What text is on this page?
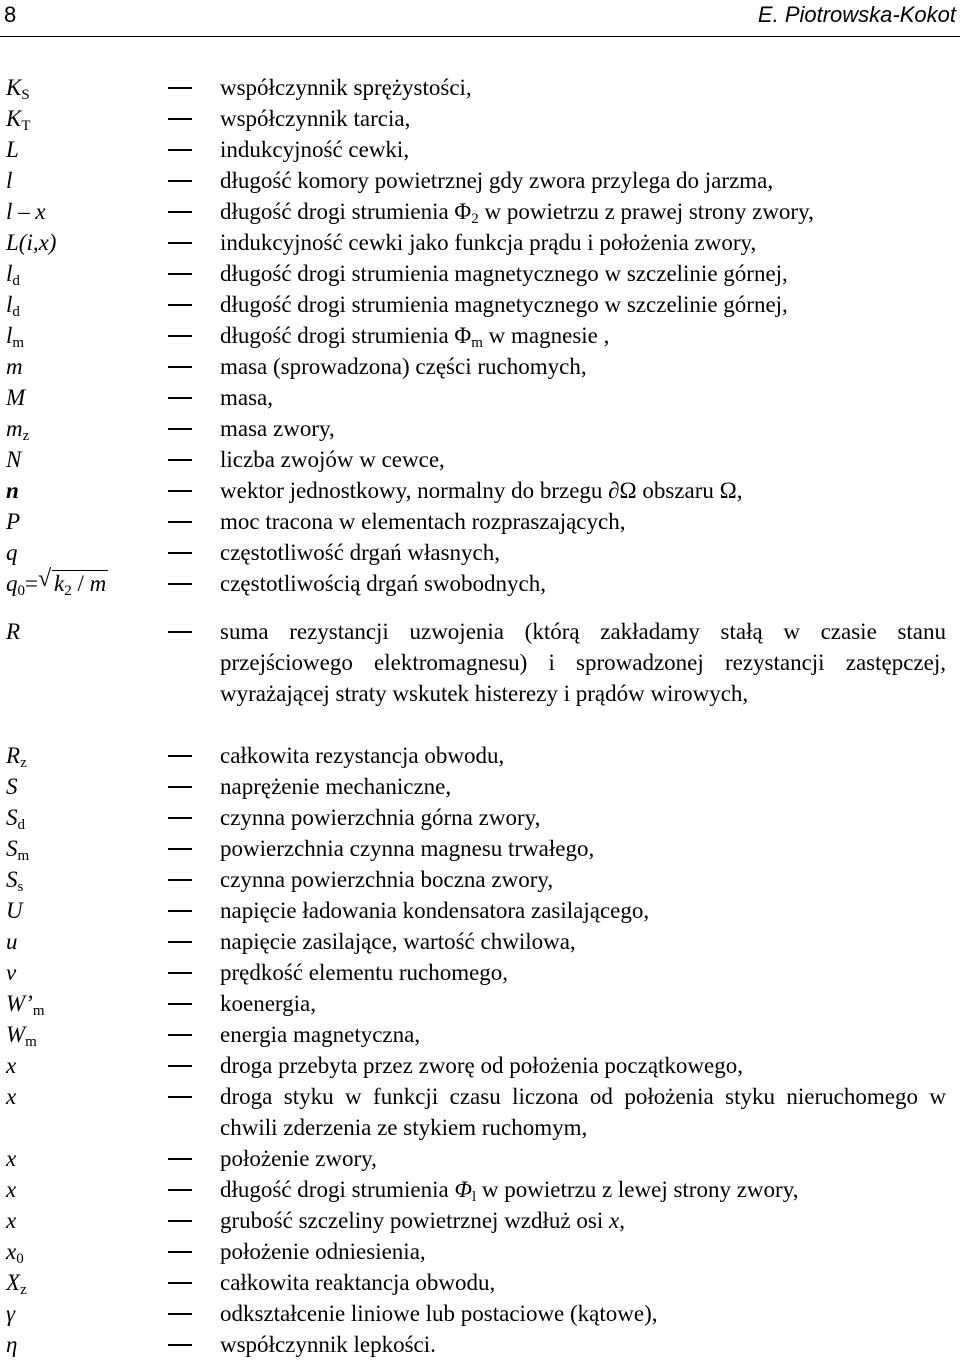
8	E. Piotrowska-Kokot
$K_S$	współczynnik sprężystości,
$K_T$	współczynnik tarcia,
L	indukcyjność cewki,
l	długość komory powietrznej gdy zwora przylega do jarzma,
l – x	długość drogi strumienia $\Phi_2$ w powietrzu z prawej strony zwory,
L(i,x)	indukcyjność cewki jako funkcja prądu i położenia zwory,
$l_d$	długość drogi strumienia magnetycznego w szczelinie górnej,
$l_d$	długość drogi strumienia magnetycznego w szczelinie górnej,
$l_m$	długość drogi strumienia $\Phi_m$ w magnesie ,
m	masa (sprowadzona) części ruchomych,
M	masa,
$m_z$	masa zwory,
N	liczba zwojów w cewce,
n	wektor jednostkowy, normalny do brzegu ∂Ω obszaru Ω,
P	moc tracona w elementach rozpraszających,
q	częstotliwość drgań własnych,
$q_0=$ √ $k_2$ / m	częstotliwością drgań swobodnych,
R	suma rezystancji uzwojenia (którą zakładamy stałą w czasie stanu przejściowego elektromagnesu) i sprowadzonej rezystancji zastępczej, wyrażającej straty wskutek histerezy i prądów wirowych,
$R_z$	całkowita rezystancja obwodu,
S	naprężenie mechaniczne,
$S_d$	czynna powierzchnia górna zwory,
$S_m$	powierzchnia czynna magnesu trwałego,
$S_s$	czynna powierzchnia boczna zwory,
U	napięcie ładowania kondensatora zasilającego,
u	napięcie zasilające, wartość chwilowa,
v	prędkość elementu ruchomego,
$W’_m$	koenergia,
$W_m$	energia magnetyczna,
x	droga przebyta przez zworę od położenia początkowego,
x	droga styku w funkcji czasu liczona od położenia styku nieruchomego w chwili zderzenia ze stykiem ruchomym,
x	położenie zwory,
x	długość drogi strumienia $\Phi_l$ w powietrzu z lewej strony zwory,
x	grubość szczeliny powietrznej wzdłuż osi x,
$x_0$	położenie odniesienia,
$X_z$	całkowita reaktancja obwodu,
γ	odkształcenie liniowe lub postaciowe (kątowe),
η	współczynnik lepkości.
